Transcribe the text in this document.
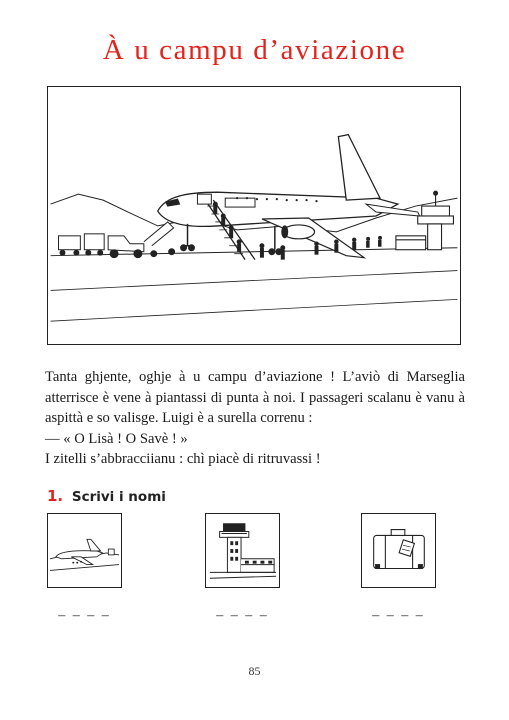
À u campu d’aviazione

Tanta ghjente, oghje à u campu d’aviazione ! L’aviò di Marseglia atterrisce è vene à piantassi di punta à noi. I passageri scalanu è vanu à aspittà e so valisge. Luigi è a surella correnu :

— « O Lisà ! O Savè ! »

I zitelli s’abbracciianu : chì piacè di ritruvassi !

1. Scrivi i nomi
– – – –	– – – –	– – – –
85
